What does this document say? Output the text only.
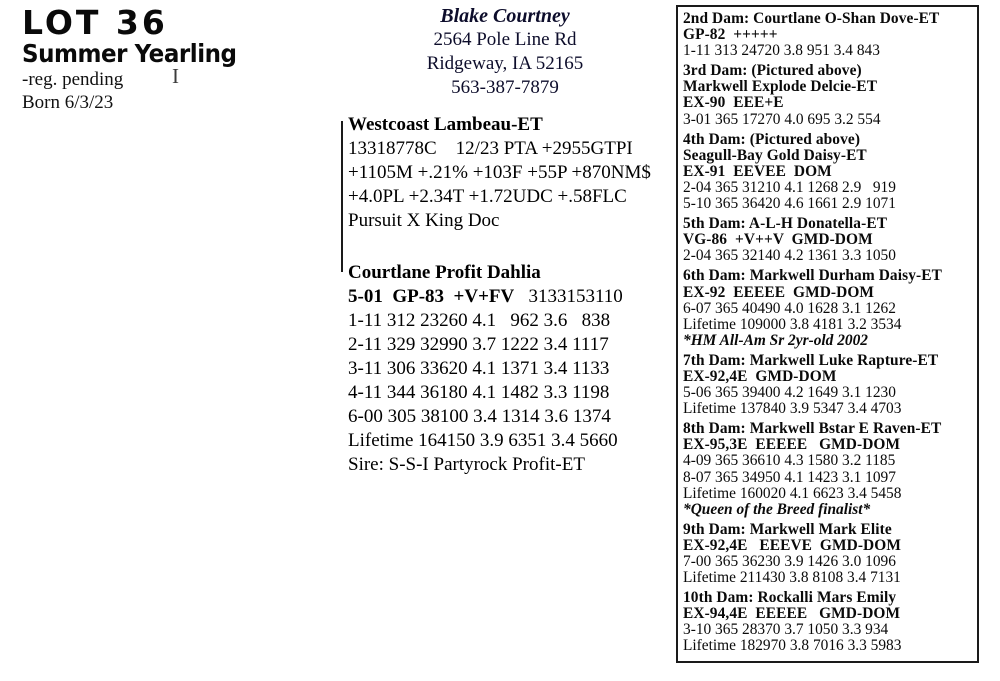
LOT 36
Summer Yearling
-reg. pending
Born 6/3/23
I
Blake Courtney
2564 Pole Line Rd
Ridgeway, IA 52165
563-387-7879
Westcoast Lambeau-ET
13318778C    12/23 PTA +2955GTPI
+1105M +.21% +103F +55P +870NM$
+4.0PL +2.34T +1.72UDC +.58FLC
Pursuit X King Doc
Courtlane Profit Dahlia
5-01  GP-83  +V+FV   3133153110
1-11 312 23260 4.1   962 3.6   838
2-11 329 32990 3.7 1222 3.4 1117
3-11 306 33620 4.1 1371 3.4 1133
4-11 344 36180 4.1 1482 3.3 1198
6-00 305 38100 3.4 1314 3.6 1374
Lifetime 164150 3.9 6351 3.4 5660
Sire: S-S-I Partyrock Profit-ET
2nd Dam: Courtlane O-Shan Dove-ET
GP-82  +++++
1-11 313 24720 3.8 951 3.4 843
3rd Dam: (Pictured above)
Markwell Explode Delcie-ET
EX-90  EEE+E
3-01 365 17270 4.0 695 3.2 554
4th Dam: (Pictured above)
Seagull-Bay Gold Daisy-ET
EX-91  EEVEE  DOM
2-04 365 31210 4.1 1268 2.9   919
5-10 365 36420 4.6 1661 2.9 1071
5th Dam: A-L-H Donatella-ET
VG-86  +V++V  GMD-DOM
2-04 365 32140 4.2 1361 3.3 1050
6th Dam: Markwell Durham Daisy-ET
EX-92  EEEEE  GMD-DOM
6-07 365 40490 4.0 1628 3.1 1262
Lifetime 109000 3.8 4181 3.2 3534
*HM All-Am Sr 2yr-old 2002
7th Dam: Markwell Luke Rapture-ET
EX-92,4E  GMD-DOM
5-06 365 39400 4.2 1649 3.1 1230
Lifetime 137840 3.9 5347 3.4 4703
8th Dam: Markwell Bstar E Raven-ET
EX-95,3E  EEEEE   GMD-DOM
4-09 365 36610 4.3 1580 3.2 1185
8-07 365 34950 4.1 1423 3.1 1097
Lifetime 160020 4.1 6623 3.4 5458
*Queen of the Breed finalist*
9th Dam: Markwell Mark Elite
EX-92,4E   EEEVE  GMD-DOM
7-00 365 36230 3.9 1426 3.0 1096
Lifetime 211430 3.8 8108 3.4 7131
10th Dam: Rockalli Mars Emily
EX-94,4E  EEEEE   GMD-DOM
3-10 365 28370 3.7 1050 3.3 934
Lifetime 182970 3.8 7016 3.3 5983
